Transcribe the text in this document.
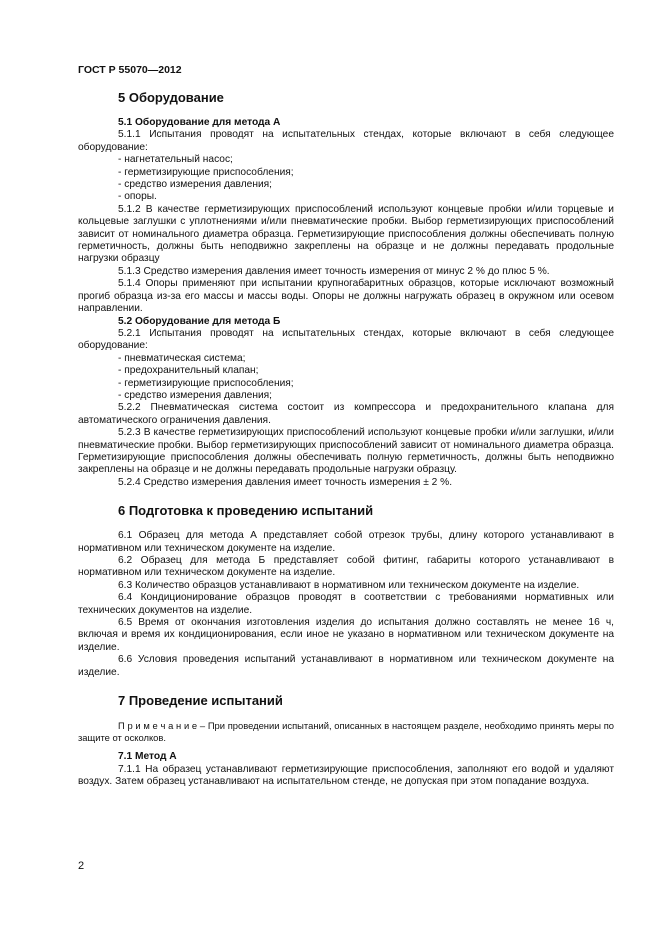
ГОСТ Р 55070—2012
5 Оборудование
5.1 Оборудование для метода А

5.1.1 Испытания проводят на испытательных стендах, которые включают в себя следующее оборудование:

- нагнетательный насос;
- герметизирующие приспособления;
- средство измерения давления;
- опоры.

5.1.2 В качестве герметизирующих приспособлений используют концевые пробки и/или торцевые и кольцевые заглушки с уплотнениями и/или пневматические пробки. Выбор герметизирующих приспособлений зависит от номинального диаметра образца. Герметизирующие приспособления должны обеспечивать полную герметичность, должны быть неподвижно закреплены на образце и не должны передавать продольные нагрузки образцу

5.1.3 Средство измерения давления имеет точность измерения от минус 2 % до плюс 5 %.

5.1.4 Опоры применяют при испытании крупногабаритных образцов, которые исключают возможный прогиб образца из-за его массы и массы воды. Опоры не должны нагружать образец в окружном или осевом направлении.

5.2 Оборудование для метода Б

5.2.1 Испытания проводят на испытательных стендах, которые включают в себя следующее оборудование:

- пневматическая система;
- предохранительный клапан;
- герметизирующие приспособления;
- средство измерения давления;

5.2.2 Пневматическая система состоит из компрессора и предохранительного клапана для автоматического ограничения давления.

5.2.3 В качестве герметизирующих приспособлений используют концевые пробки и/или заглушки, и/или пневматические пробки. Выбор герметизирующих приспособлений зависит от номинального диаметра образца. Герметизирующие приспособления должны обеспечивать полную герметичность, должны быть неподвижно закреплены на образце и не должны передавать продольные нагрузки образцу.

5.2.4 Средство измерения давления имеет точность измерения ± 2 %.

6 Подготовка к проведению испытаний

6.1 Образец для метода А представляет собой отрезок трубы, длину которого устанавливают в нормативном или техническом документе на изделие.

6.2 Образец для метода Б представляет собой фитинг, габариты которого устанавливают в нормативном или техническом документе на изделие.

6.3 Количество образцов устанавливают в нормативном или техническом документе на изделие.

6.4 Кондиционирование образцов проводят в соответствии с требованиями нормативных или технических документов на изделие.

6.5 Время от окончания изготовления изделия до испытания должно составлять не менее 16 ч, включая и время их кондиционирования, если иное не указано в нормативном или техническом документе на изделие.

6.6 Условия проведения испытаний устанавливают в нормативном или техническом документе на изделие.

7 Проведение испытаний

П р и м е ч а н и е – При проведении испытаний, описанных в настоящем разделе, необходимо принять меры по защите от осколков.

7.1 Метод А

7.1.1 На образец устанавливают герметизирующие приспособления, заполняют его водой и удаляют воздух. Затем образец устанавливают на испытательном стенде, не допуская при этом попадание воздуха.

2
